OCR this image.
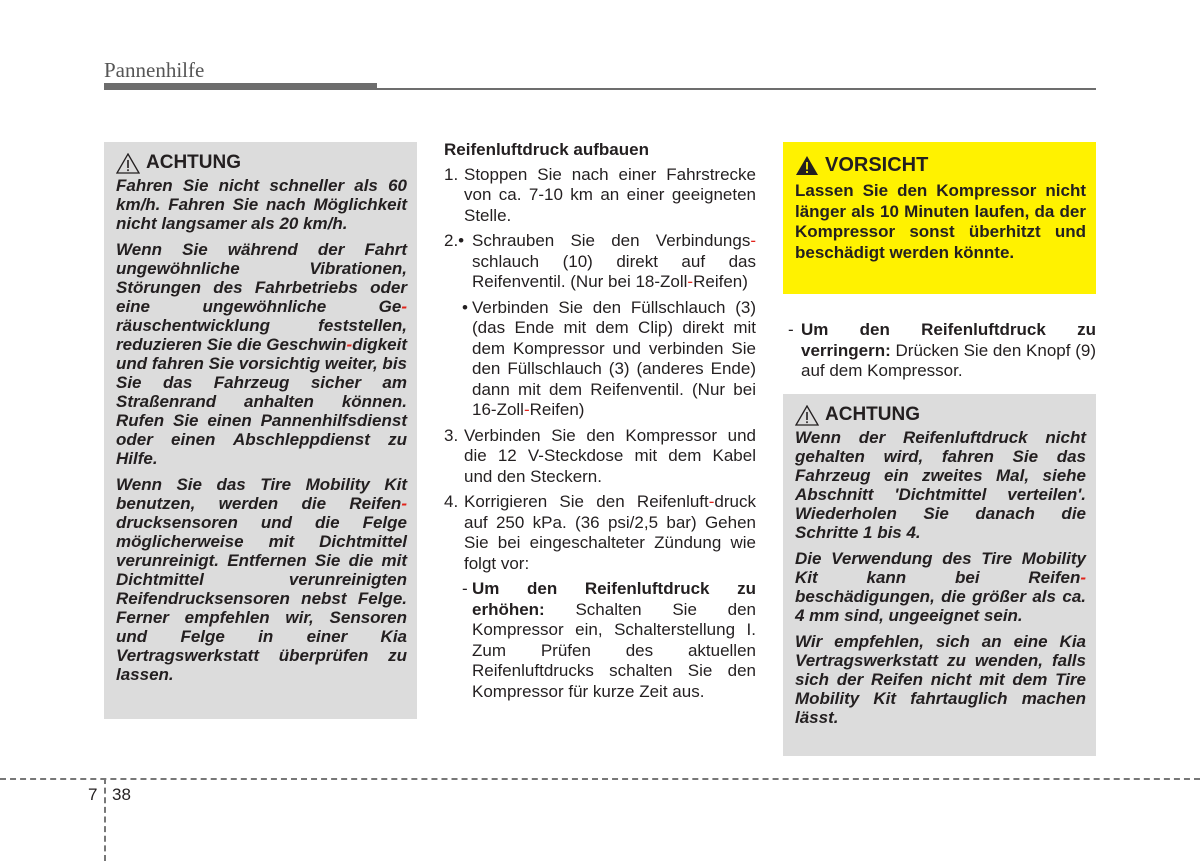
Pannenhilfe
ACHTUNG

Fahren Sie nicht schneller als 60 km/h. Fahren Sie nach Möglichkeit nicht langsamer als 20 km/h.

Wenn Sie während der Fahrt ungewöhnliche Vibrationen, Störungen des Fahrbetriebs oder eine ungewöhnliche Ge-räuschentwicklung feststellen, reduzieren Sie die Geschwin-digkeit und fahren Sie vorsichtig weiter, bis Sie das Fahrzeug sicher am Straßenrand anhalten können. Rufen Sie einen Pannenhilfsdienst oder einen Abschleppdienst zu Hilfe.

Wenn Sie das Tire Mobility Kit benutzen, werden die Reifen-drucksensoren und die Felge möglicherweise mit Dichtmittel verunreinigt. Entfernen Sie die mit Dichtmittel verunreinigten Reifendrucksensoren nebst Felge. Ferner empfehlen wir, Sensoren und Felge in einer Kia Vertragswerkstatt überprüfen zu lassen.

Reifenluftdruck aufbauen
1. Stoppen Sie nach einer Fahrstrecke von ca. 7-10 km an einer geeigneten Stelle.
2.• Schrauben Sie den Verbindungs-schlauch (10) direkt auf das Reifenventil. (Nur bei 18-Zoll-Reifen)
• Verbinden Sie den Füllschlauch (3) (das Ende mit dem Clip) direkt mit dem Kompressor und verbinden Sie den Füllschlauch (3) (anderes Ende) dann mit dem Reifenventil. (Nur bei 16-Zoll-Reifen)
3. Verbinden Sie den Kompressor und die 12 V-Steckdose mit dem Kabel und den Steckern.
4. Korrigieren Sie den Reifenluft-druck auf 250 kPa. (36 psi/2,5 bar) Gehen Sie bei eingeschalteter Zündung wie folgt vor:
- Um den Reifenluftdruck zu erhöhen: Schalten Sie den Kompressor ein, Schalterstellung I. Zum Prüfen des aktuellen Reifenluftdrucks schalten Sie den Kompressor für kurze Zeit aus.
VORSICHT
Lassen Sie den Kompressor nicht länger als 10 Minuten laufen, da der Kompressor sonst überhitzt und beschädigt werden könnte.
- Um den Reifenluftdruck zu verringern: Drücken Sie den Knopf (9) auf dem Kompressor.
ACHTUNG

Wenn der Reifenluftdruck nicht gehalten wird, fahren Sie das Fahrzeug ein zweites Mal, siehe Abschnitt 'Dichtmittel verteilen'. Wiederholen Sie danach die Schritte 1 bis 4.

Die Verwendung des Tire Mobility Kit kann bei Reifen-beschädigungen, die größer als ca. 4 mm sind, ungeeignet sein.

Wir empfehlen, sich an eine Kia Vertragswerkstatt zu wenden, falls sich der Reifen nicht mit dem Tire Mobility Kit fahrtauglich machen lässt.

7 38
